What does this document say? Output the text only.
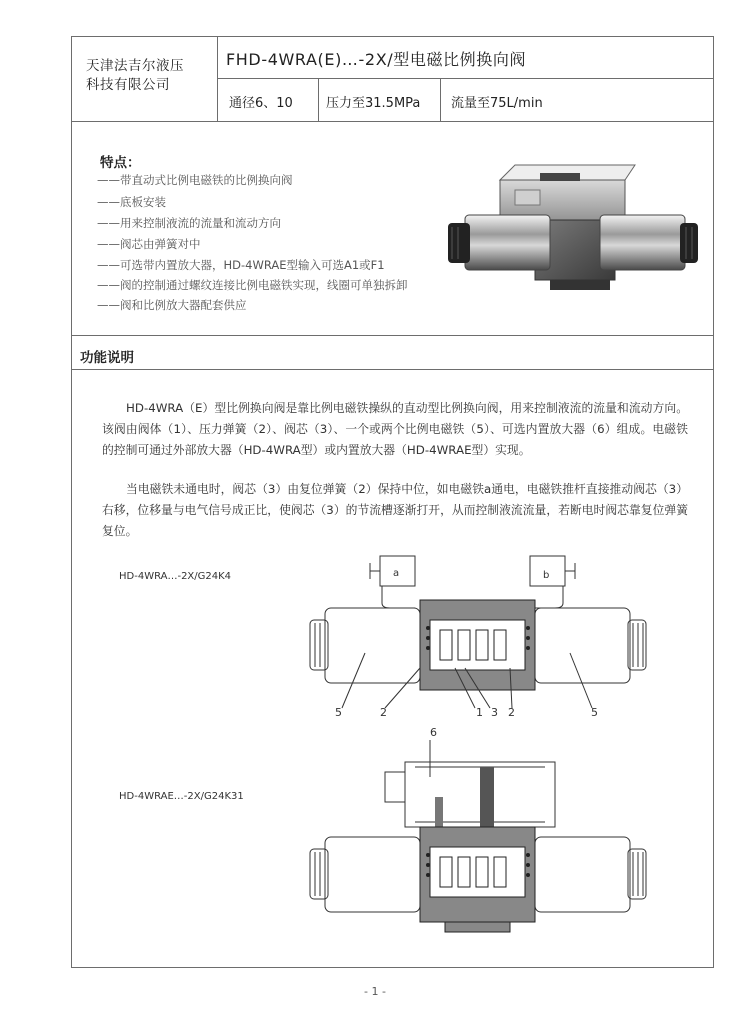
天津法吉尔液压
科技有限公司
FHD-4WRA(E)…-2X/型电磁比例换向阀
通径6、10	压力至31.5MPa 流量至75L/min
特点：
——带直动式比例电磁铁的比例换向阀
——底板安装
——用来控制液流的流量和流动方向
——阀芯由弹簧对中
——可选带内置放大器，HD-4WRAE型输入可选A1或F1
——阀的控制通过螺纹连接比例电磁铁实现，线圈可单独拆卸
——阀和比例放大器配套供应
功能说明
HD-4WRA（E）型比例换向阀是靠比例电磁铁操纵的直动型比例换向阀，用来控制液流的流量和流动方向。该阀由阀体（1）、压力弹簧（2）、阀芯（3）、一个或两个比例电磁铁（5）、可选内置放大器（6）组成。电磁铁的控制可通过外部放大器（HD-4WRA型）或内置放大器（HD-4WRAE型）实现。
当电磁铁未通电时，阀芯（3）由复位弹簧（2）保持中位，如电磁铁a通电，电磁铁推杆直接推动阀芯（3）右移，位移量与电气信号成正比，使阀芯（3）的节流槽逐渐打开，从而控制液流流量，若断电时阀芯靠复位弹簧复位。
HD-4WRA…-2X/G24K4	a	b
5	2	1 3 2	5
HD-4WRAE…-2X/G24K31
6
- 1 -
